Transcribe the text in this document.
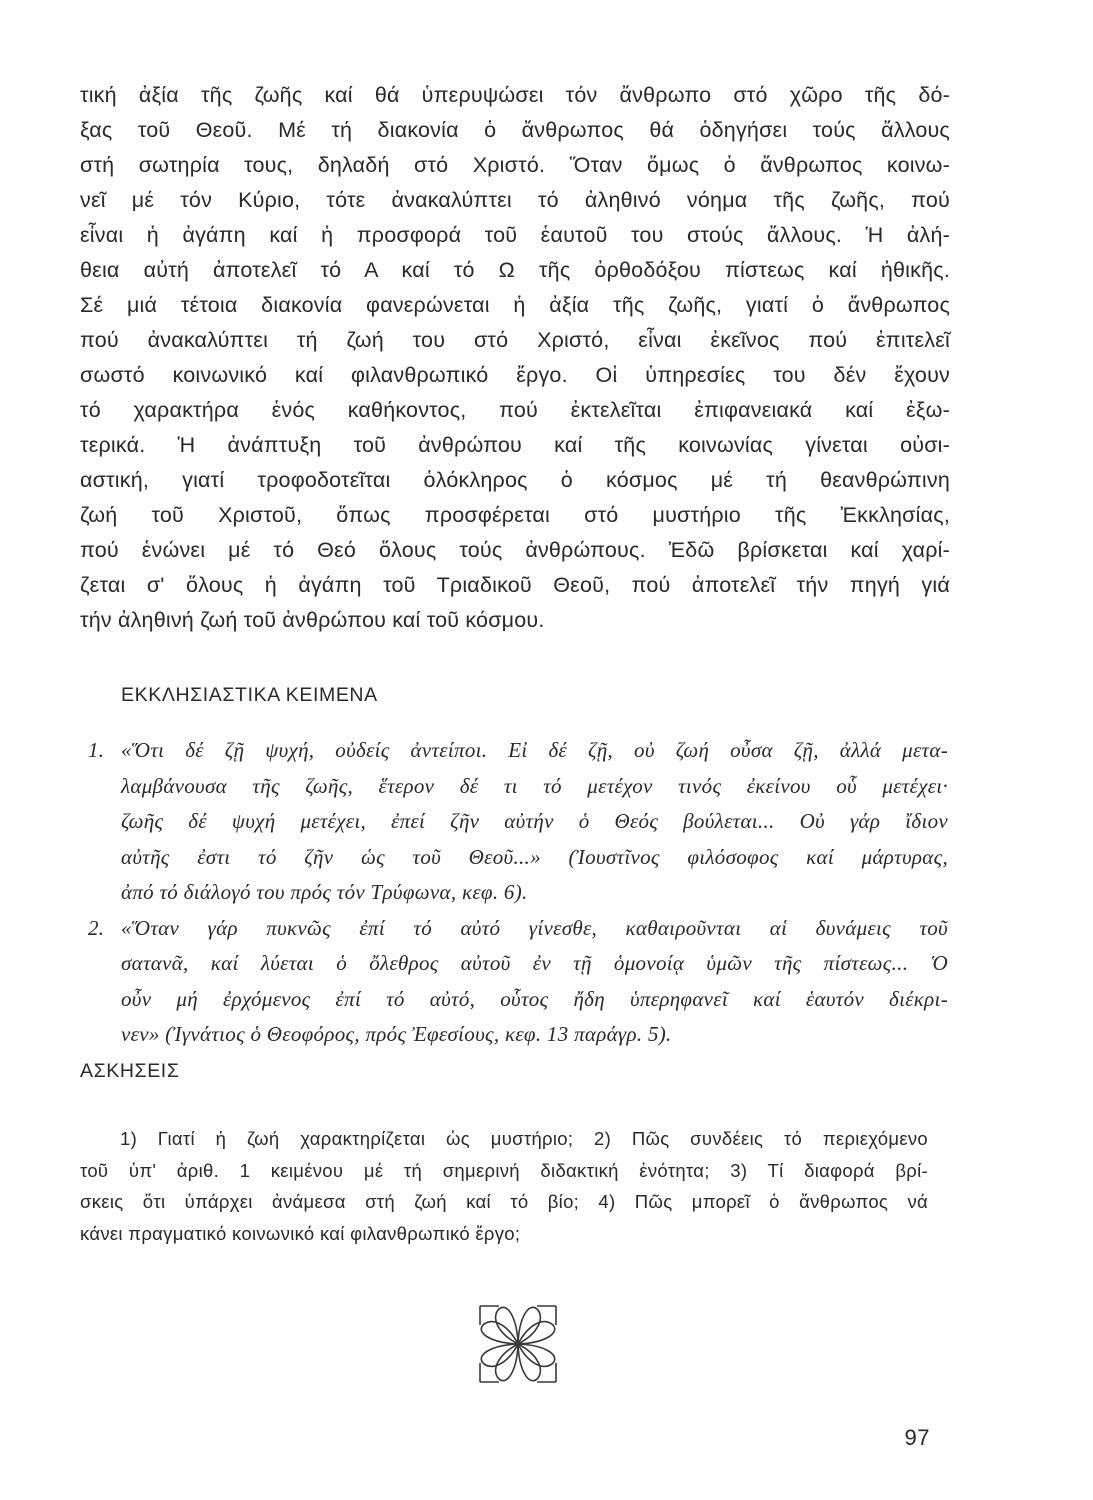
τική ἀξία τῆς ζωῆς καί θά ὑπερυψώσει τόν ἄνθρωπο στό χῶρο τῆς δό-
ξας τοῦ Θεοῦ. Μέ τή διακονία ὁ ἄνθρωπος θά ὁδηγήσει τούς ἄλλους
στή σωτηρία τους, δηλαδή στό Χριστό. Ὅταν ὅμως ὁ ἄνθρωπος κοινω-
νεῖ μέ τόν Κύριο, τότε ἀνακαλύπτει τό ἀληθινό νόημα τῆς ζωῆς, πού
εἶναι ἡ ἀγάπη καί ἡ προσφορά τοῦ ἑαυτοῦ του στούς ἄλλους. Ἡ ἀλή-
θεια αὐτή ἀποτελεῖ τό Α καί τό Ω τῆς ὀρθοδόξου πίστεως καί ἠθικῆς.
Σέ μιά τέτοια διακονία φανερώνεται ἡ ἀξία τῆς ζωῆς, γιατί ὁ ἄνθρωπος
πού ἀνακαλύπτει τή ζωή του στό Χριστό, εἶναι ἐκεῖνος πού ἐπιτελεῖ
σωστό κοινωνικό καί φιλανθρωπικό ἔργο. Οἱ ὑπηρεσίες του δέν ἔχουν
τό χαρακτήρα ἑνός καθήκοντος, πού ἐκτελεῖται ἐπιφανειακά καί ἐξω-
τερικά. Ἡ ἀνάπτυξη τοῦ ἀνθρώπου καί τῆς κοινωνίας γίνεται οὐσι-
αστική, γιατί τροφοδοτεῖται ὁλόκληρος ὁ κόσμος μέ τή θεανθρώπινη
ζωή τοῦ Χριστοῦ, ὅπως προσφέρεται στό μυστήριο τῆς Ἐκκλησίας,
πού ἑνώνει μέ τό Θεό ὅλους τούς ἀνθρώπους. Ἐδῶ βρίσκεται καί χαρί-
ζεται σ' ὅλους ἡ ἀγάπη τοῦ Τριαδικοῦ Θεοῦ, πού ἀποτελεῖ τήν πηγή γιά
τήν ἀληθινή ζωή τοῦ ἀνθρώπου καί τοῦ κόσμου.
ΕΚΚΛΗΣΙΑΣΤΙΚΑ ΚΕΙΜΕΝΑ
1. «Ὅτι δέ ζῇ ψυχή, οὐδείς ἀντείποι. Εἰ δέ ζῇ, οὐ ζωή οὖσα ζῇ, ἀλλά μετα-
λαμβάνουσα τῆς ζωῆς, ἕτερον δέ τι τό μετέχον τινός ἐκείνου οὗ μετέχει·
ζωῆς δέ ψυχή μετέχει, ἐπεί ζῆν αὐτήν ὁ Θεός βούλεται... Οὐ γάρ ἴδιον
αὐτῆς ἐστι τό ζῆν ὡς τοῦ Θεοῦ...» (Ἰουστῖνος φιλόσοφος καί μάρτυρας,
ἀπό τό διάλογό του πρός τόν Τρύφωνα, κεφ. 6).
2. «Ὅταν γάρ πυκνῶς ἐπί τό αὐτό γίνεσθε, καθαιροῦνται αἱ δυνάμεις τοῦ
σατανᾶ, καί λύεται ὁ ὄλεθρος αὐτοῦ ἐν τῇ ὁμονοίᾳ ὑμῶν τῆς πίστεως... Ὁ
οὖν μή ἐρχόμενος ἐπί τό αὐτό, οὗτος ἤδη ὑπερηφανεῖ καί ἑαυτόν διέκρι-
νεν» (Ἰγνάτιος ὁ Θεοφόρος, πρός Ἐφεσίους, κεφ. 13 παράγρ. 5).
ΑΣΚΗΣΕΙΣ
1) Γιατί ἡ ζωή χαρακτηρίζεται ὡς μυστήριο; 2) Πῶς συνδέεις τό περιεχόμενο
τοῦ ὑπ' ἀριθ. 1 κειμένου μέ τή σημερινή διδακτική ἑνότητα; 3) Τί διαφορά βρί-
σκεις ὅτι ὑπάρχει ἀνάμεσα στή ζωή καί τό βίο; 4) Πῶς μπορεῖ ὁ ἄνθρωπος νά
κάνει πραγματικό κοινωνικό καί φιλανθρωπικό ἔργο;
97
